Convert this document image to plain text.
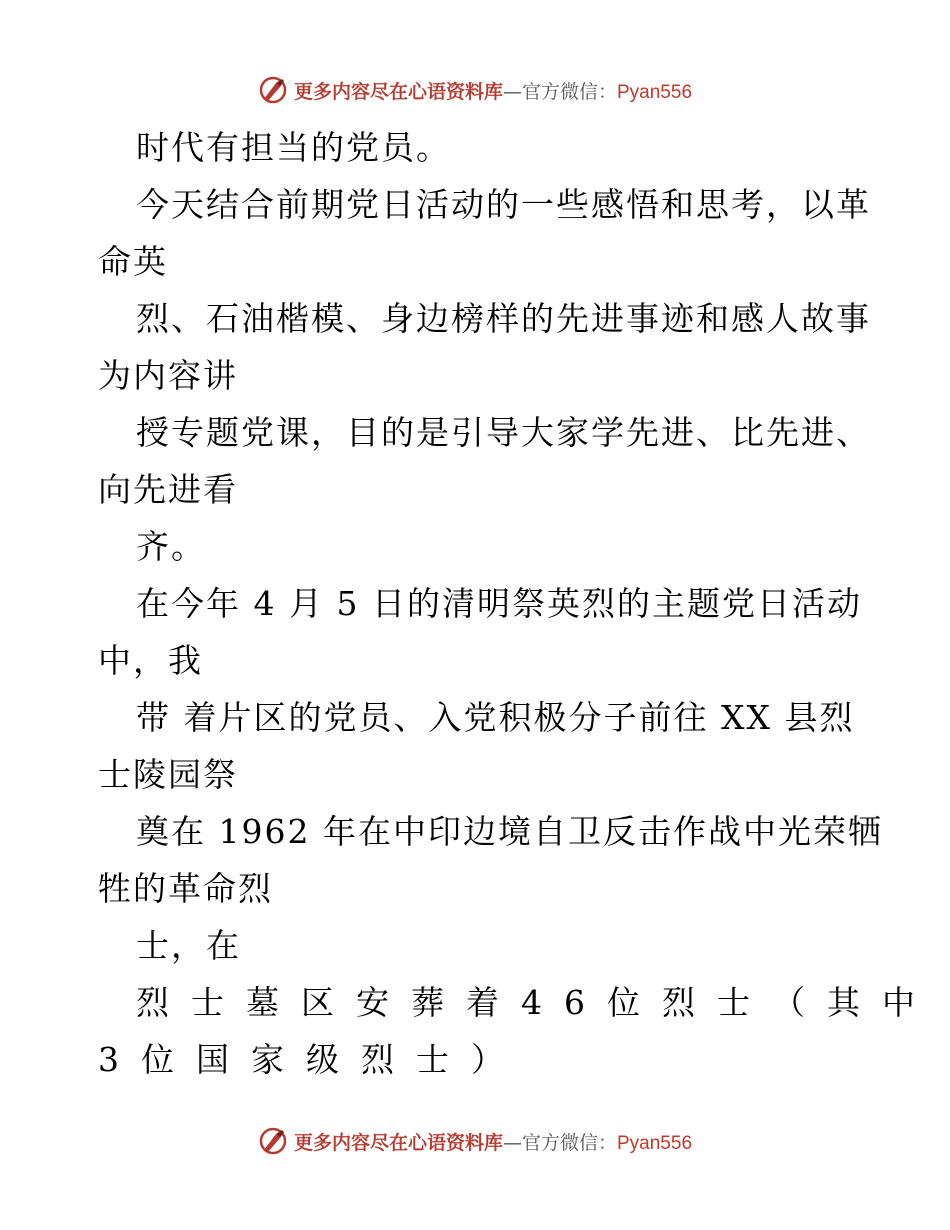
更多内容尽在心语资料库—官方微信：Pyan556
时代有担当的党员。
今天结合前期党日活动的一些感悟和思考，以革
命英
烈、石油楷模、身边榜样的先进事迹和感人故事
为内容讲
授专题党课，目的是引导大家学先进、比先进、
向先进看
齐。
在今年 4 月 5 日的清明祭英烈的主题党日活动
中，我
带 着片区的党员、入党积极分子前往 XX 县烈
士陵园祭
奠在 1962 年在中印边境自卫反击作战中光荣牺
牲的革命烈
士，在
烈士墓区安葬着46位烈士（其中
3位国家级烈士）
更多内容尽在心语资料库—官方微信：Pyan556
